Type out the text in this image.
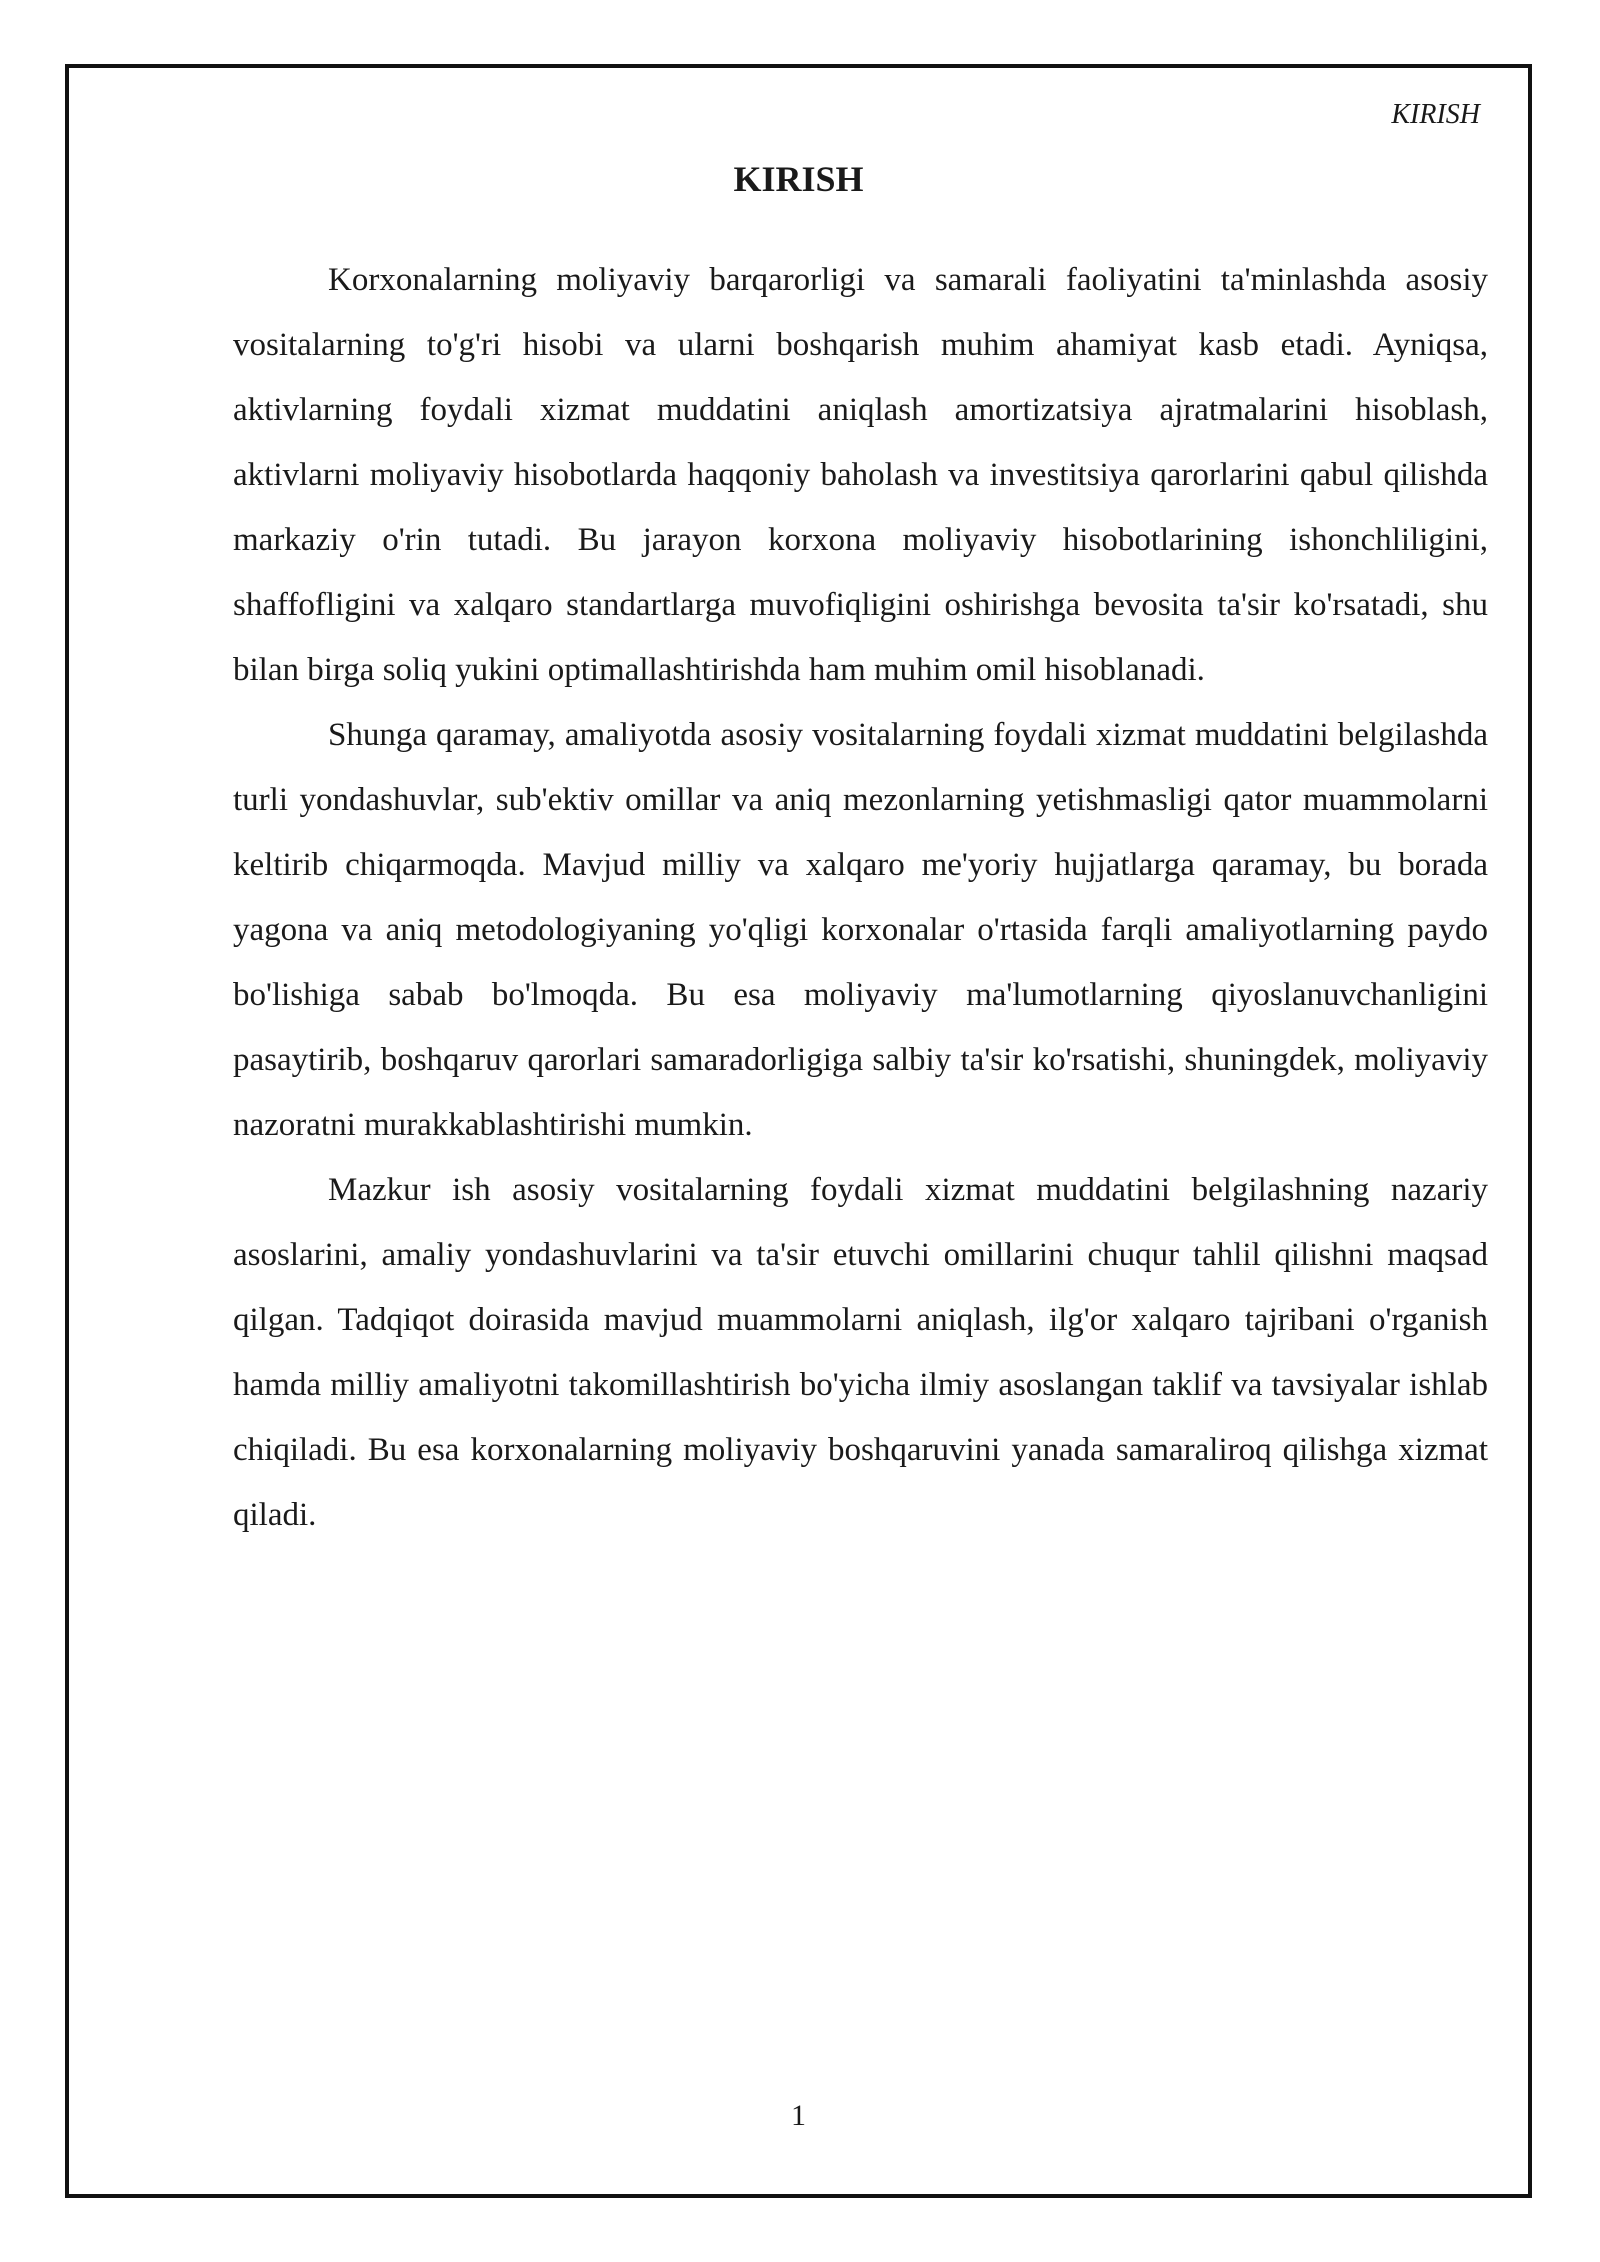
KIRISH
KIRISH

Korxonalarning moliyaviy barqarorligi va samarali faoliyatini ta'minlashda asosiy vositalarning to'g'ri hisobi va ularni boshqarish muhim ahamiyat kasb etadi. Ayniqsa, aktivlarning foydali xizmat muddatini aniqlash amortizatsiya ajratmalarini hisoblash, aktivlarni moliyaviy hisobotlarda haqqoniy baholash va investitsiya qarorlarini qabul qilishda markaziy o'rin tutadi. Bu jarayon korxona moliyaviy hisobotlarining ishonchliligini, shaffofligini va xalqaro standartlarga muvofiqligini oshirishga bevosita ta'sir ko'rsatadi, shu bilan birga soliq yukini optimallashtirishda ham muhim omil hisoblanadi.

Shunga qaramay, amaliyotda asosiy vositalarning foydali xizmat muddatini belgilashda turli yondashuvlar, sub'ektiv omillar va aniq mezonlarning yetishmasligi qator muammolarni keltirib chiqarmoqda. Mavjud milliy va xalqaro me'yoriy hujjatlarga qaramay, bu borada yagona va aniq metodologiyaning yo'qligi korxonalar o'rtasida farqli amaliyotlarning paydo bo'lishiga sabab bo'lmoqda. Bu esa moliyaviy ma'lumotlarning qiyoslanuvchanligini pasaytirib, boshqaruv qarorlari samaradorligiga salbiy ta'sir ko'rsatishi, shuningdek, moliyaviy nazoratni murakkablashtirishi mumkin.

Mazkur ish asosiy vositalarning foydali xizmat muddatini belgilashning nazariy asoslarini, amaliy yondashuvlarini va ta'sir etuvchi omillarini chuqur tahlil qilishni maqsad qilgan. Tadqiqot doirasida mavjud muammolarni aniqlash, ilg'or xalqaro tajribani o'rganish hamda milliy amaliyotni takomillashtirish bo'yicha ilmiy asoslangan taklif va tavsiyalar ishlab chiqiladi. Bu esa korxonalarning moliyaviy boshqaruvini yanada samaraliroq qilishga xizmat qiladi.

1
